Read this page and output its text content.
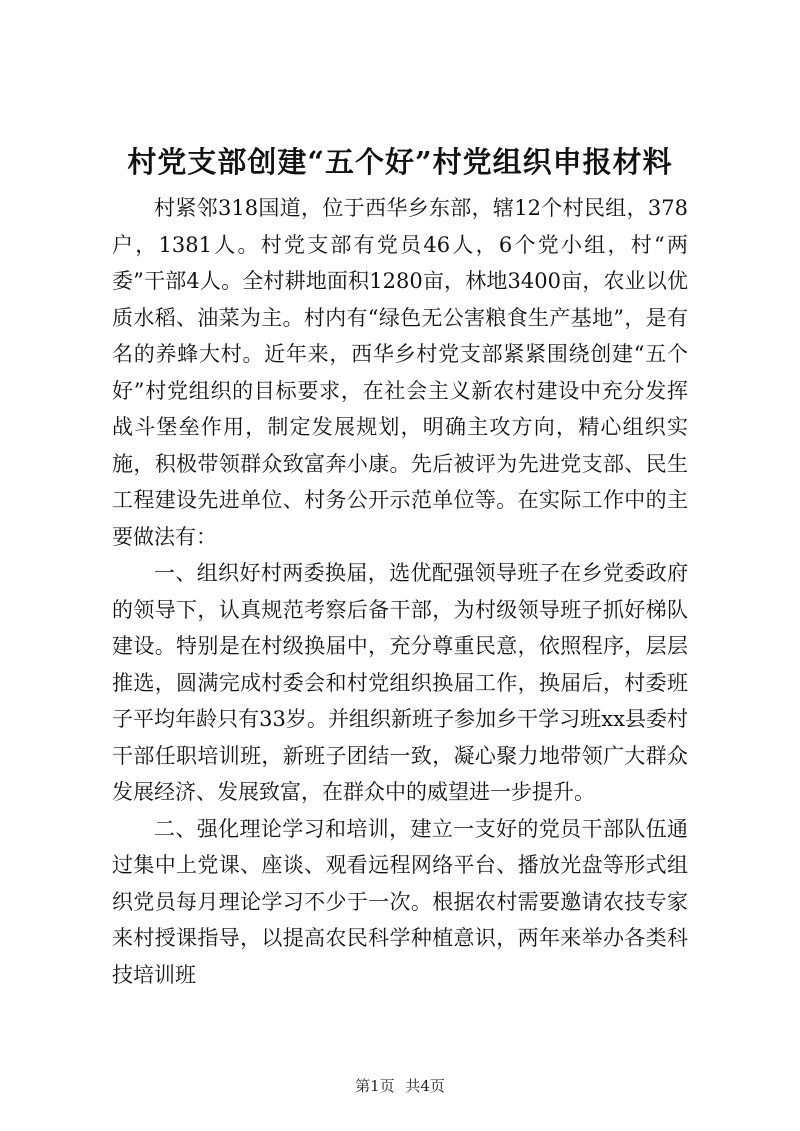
村党支部创建“五个好”村党组织申报材料

村紧邻318国道，位于西华乡东部，辖12个村民组，378户，1381人。村党支部有党员46人，6个党小组，村“两委”干部4人。全村耕地面积1280亩，林地3400亩，农业以优质水稻、油菜为主。村内有“绿色无公害粮食生产基地”，是有名的养蜂大村。近年来，西华乡村党支部紧紧围绕创建“五个好”村党组织的目标要求，在社会主义新农村建设中充分发挥战斗堡垒作用，制定发展规划，明确主攻方向，精心组织实施，积极带领群众致富奔小康。先后被评为先进党支部、民生工程建设先进单位、村务公开示范单位等。在实际工作中的主要做法有：

一、组织好村两委换届，选优配强领导班子在乡党委政府的领导下，认真规范考察后备干部，为村级领导班子抓好梯队建设。特别是在村级换届中，充分尊重民意，依照程序，层层推选，圆满完成村委会和村党组织换届工作，换届后，村委班子平均年龄只有33岁。并组织新班子参加乡干学习班xx县委村干部任职培训班，新班子团结一致，凝心聚力地带领广大群众发展经济、发展致富，在群众中的威望进一步提升。

二、强化理论学习和培训，建立一支好的党员干部队伍通过集中上党课、座谈、观看远程网络平台、播放光盘等形式组织党员每月理论学习不少于一次。根据农村需要邀请农技专家来村授课指导，以提高农民科学种植意识，两年来举办各类科技培训班

第1页 共4页
